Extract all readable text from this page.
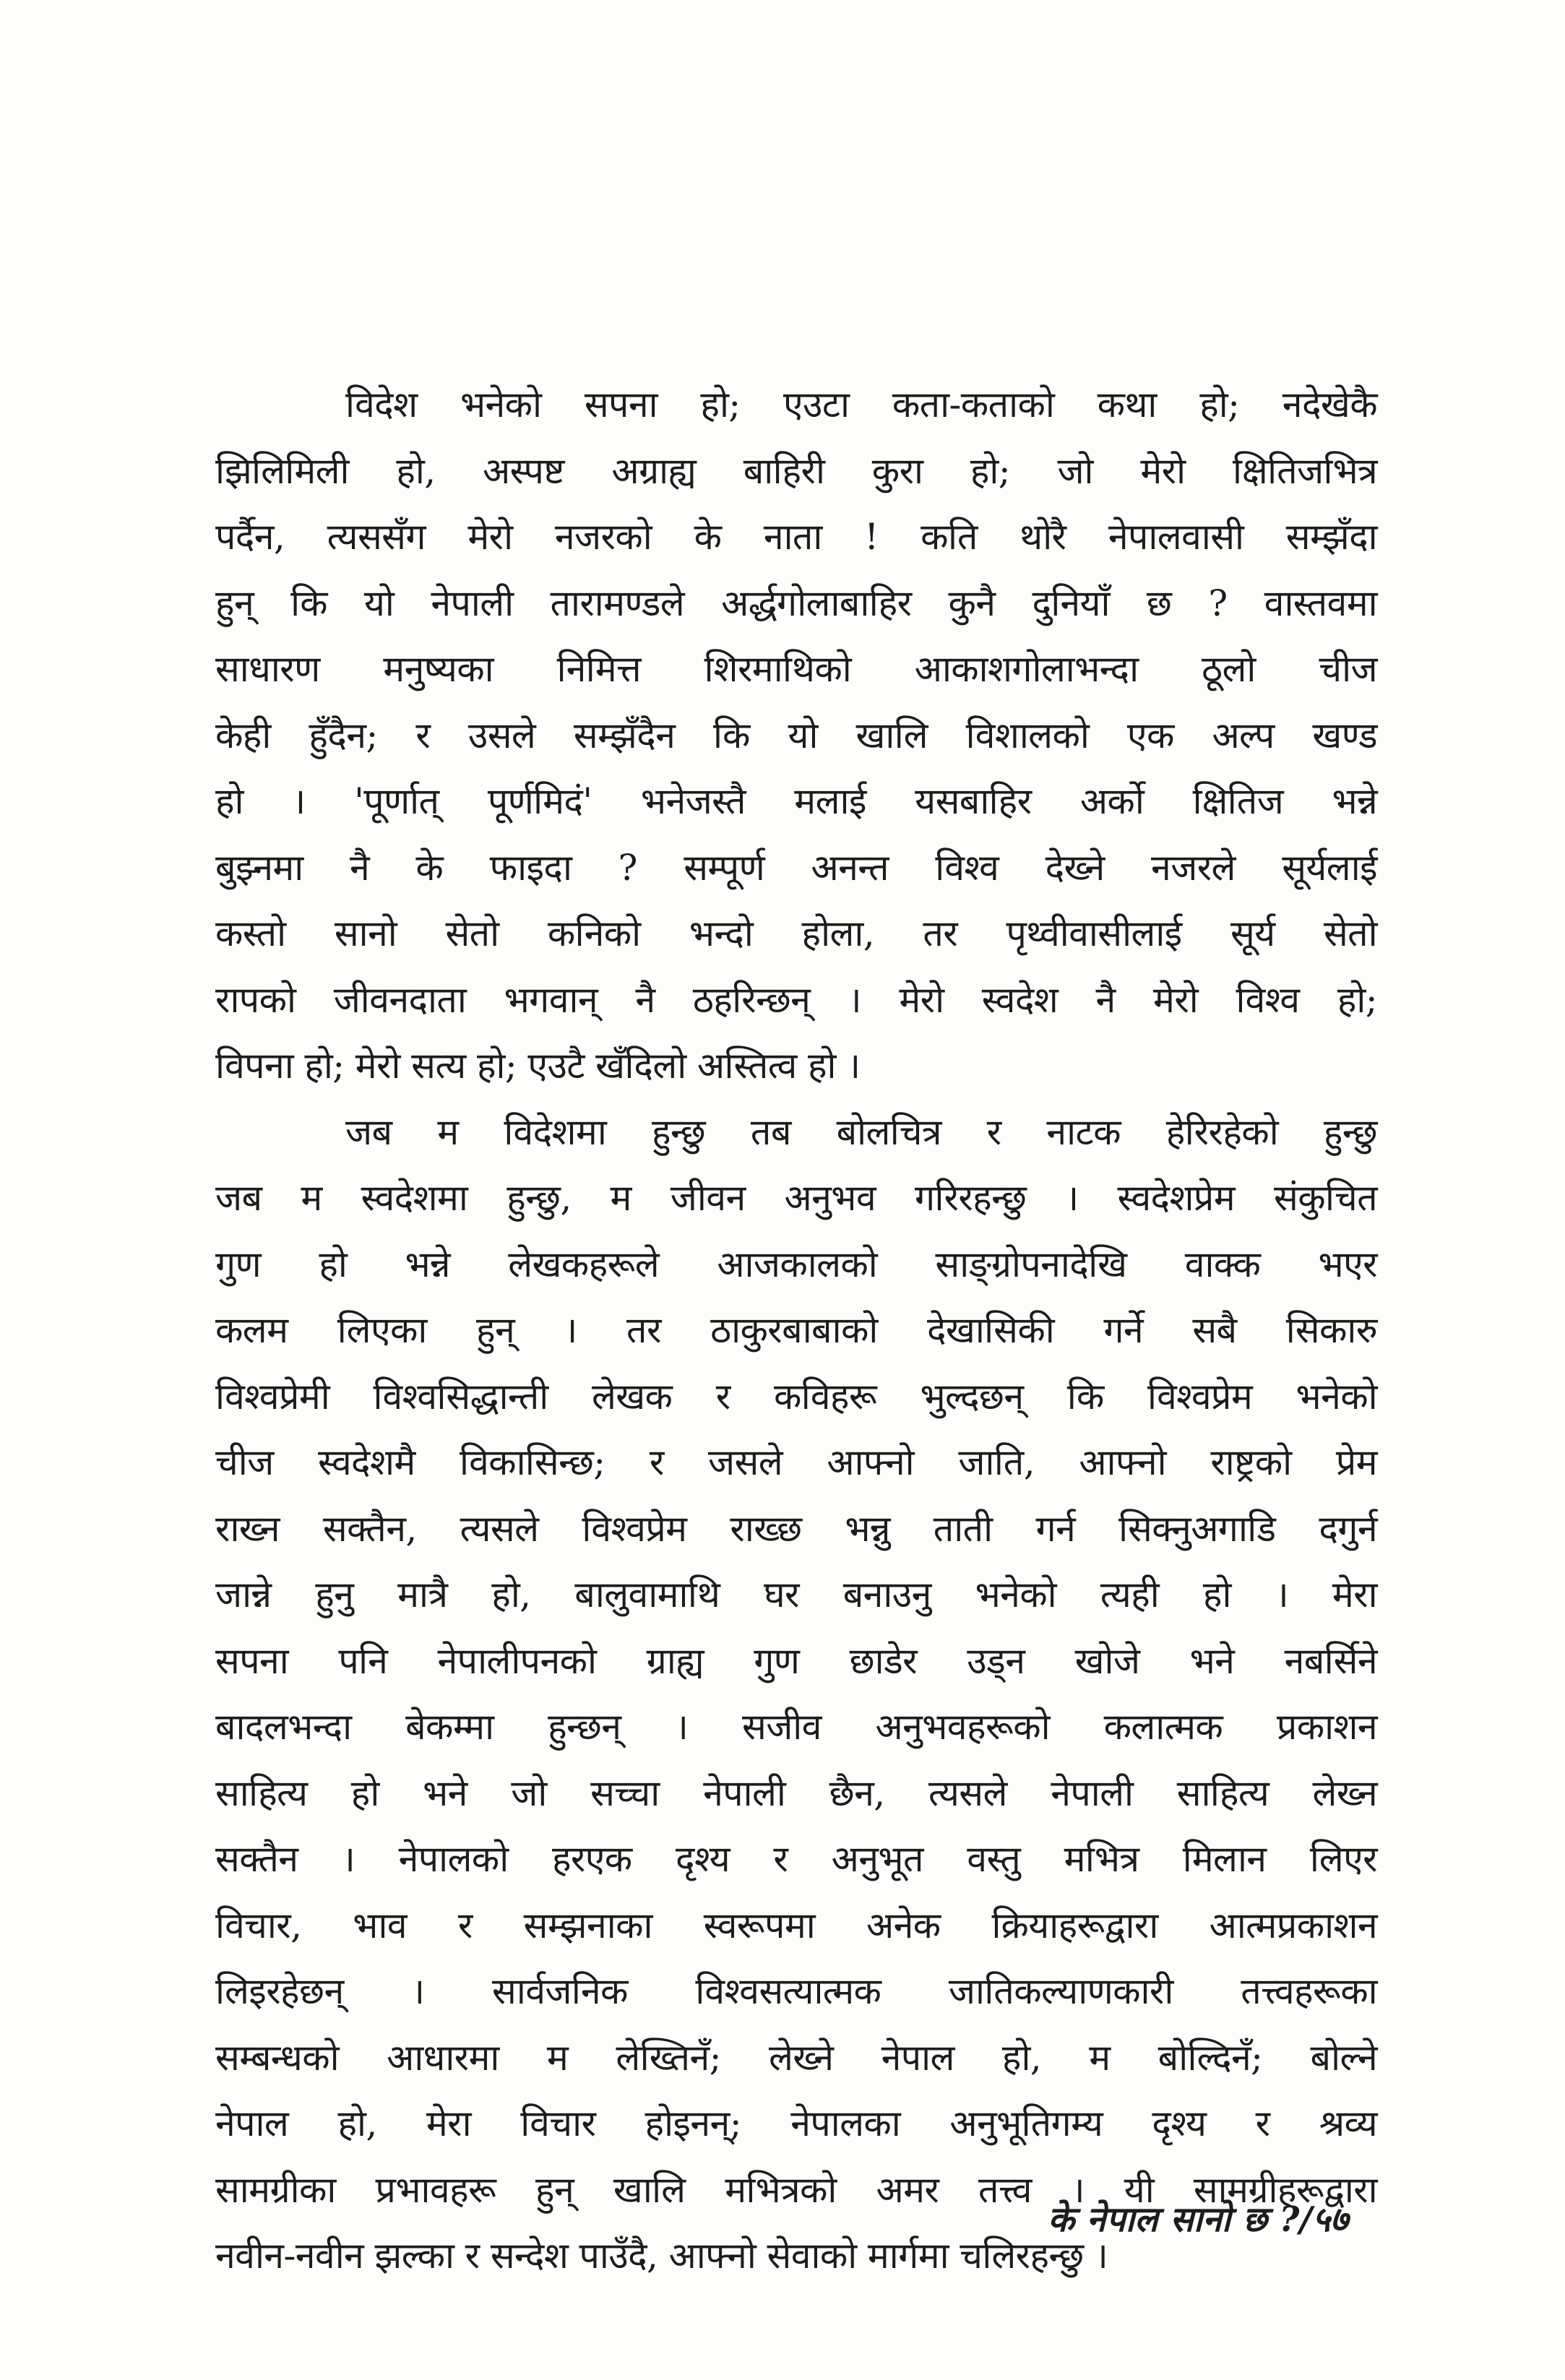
विदेश भनेको सपना हो; एउटा कता-कताको कथा हो; नदेखेकै
झिलिमिली हो, अस्पष्ट अग्राह्य बाहिरी कुरा हो; जो मेरो क्षितिजभित्र
पर्दैन, त्यससँग मेरो नजरको के नाता ! कति थोरै नेपालवासी सम्झँदा
हुन् कि यो नेपाली तारामण्डले अर्द्धगोलाबाहिर कुनै दुनियाँ छ ? वास्तवमा
साधारण मनुष्यका निमित्त शिरमाथिको आकाशगोलाभन्दा ठूलो चीज
केही हुँदैन; र उसले सम्झँदैन कि यो खालि विशालको एक अल्प खण्ड
हो । 'पूर्णात् पूर्णमिदं' भनेजस्तै मलाई यसबाहिर अर्को क्षितिज भन्ने
बुझ्नमा नै के फाइदा ? सम्पूर्ण अनन्त विश्व देख्ने नजरले सूर्यलाई
कस्तो सानो सेतो कनिको भन्दो होला, तर पृथ्वीवासीलाई सूर्य सेतो
रापको जीवनदाता भगवान् नै ठहरिन्छन् । मेरो स्वदेश नै मेरो विश्व हो;
विपना हो; मेरो सत्य हो; एउटै खँदिलो अस्तित्व हो ।
जब म विदेशमा हुन्छु तब बोलचित्र र नाटक हेरिरहेको हुन्छु
जब म स्वदेशमा हुन्छु, म जीवन अनुभव गरिरहन्छु । स्वदेशप्रेम संकुचित
गुण हो भन्ने लेखकहरूले आजकालको साङ्ग्रोपनादेखि वाक्क भएर
कलम लिएका हुन् । तर ठाकुरबाबाको देखासिकी गर्ने सबै सिकारु
विश्वप्रेमी विश्वसिद्धान्ती लेखक र कविहरू भुल्दछन् कि विश्वप्रेम भनेको
चीज स्वदेशमै विकासिन्छ; र जसले आफ्नो जाति, आफ्नो राष्ट्रको प्रेम
राख्न सक्तैन, त्यसले विश्वप्रेम राख्छ भन्नु ताती गर्न सिक्नुअगाडि दगुर्न
जान्ने हुनु मात्रै हो, बालुवामाथि घर बनाउनु भनेको त्यही हो । मेरा
सपना पनि नेपालीपनको ग्राह्य गुण छाडेर उड्न खोजे भने नबर्सिने
बादलभन्दा बेकम्मा हुन्छन् । सजीव अनुभवहरूको कलात्मक प्रकाशन
साहित्य हो भने जो सच्चा नेपाली छैन, त्यसले नेपाली साहित्य लेख्न
सक्तैन । नेपालको हरएक दृश्य र अनुभूत वस्तु मभित्र मिलान लिएर
विचार, भाव र सम्झनाका स्वरूपमा अनेक क्रियाहरूद्वारा आत्मप्रकाशन
लिइरहेछन् । सार्वजनिक विश्वसत्यात्मक जातिकल्याणकारी तत्त्वहरूका
सम्बन्धको आधारमा म लेख्तिनँ; लेख्ने नेपाल हो, म बोल्दिनँ; बोल्ने
नेपाल हो, मेरा विचार होइनन्; नेपालका अनुभूतिगम्य दृश्य र श्रव्य
सामग्रीका प्रभावहरू हुन् खालि मभित्रको अमर तत्त्व । यी सामग्रीहरूद्वारा
नवीन-नवीन झल्का र सन्देश पाउँदै, आफ्नो सेवाको मार्गमा चलिरहन्छु ।
के नेपाल सानो छ ?/५७
